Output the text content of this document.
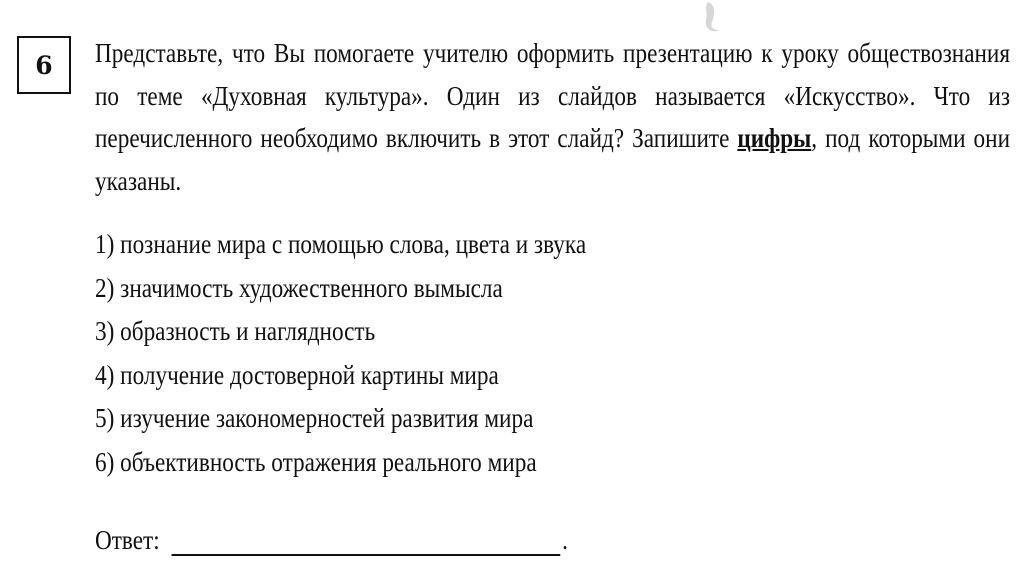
6 Представьте, что Вы помогаете учителю оформить презентацию к уроку обществознания по теме «Духовная культура». Один из слайдов называется «Искусство». Что из перечисленного необходимо включить в этот слайд? Запишите цифры, под которыми они указаны.
1) познание мира с помощью слова, цвета и звука
2) значимость художественного вымысла
3) образность и наглядность
4) получение достоверной картины мира
5) изучение закономерностей развития мира
6) объективность отражения реального мира
Ответ:	.
